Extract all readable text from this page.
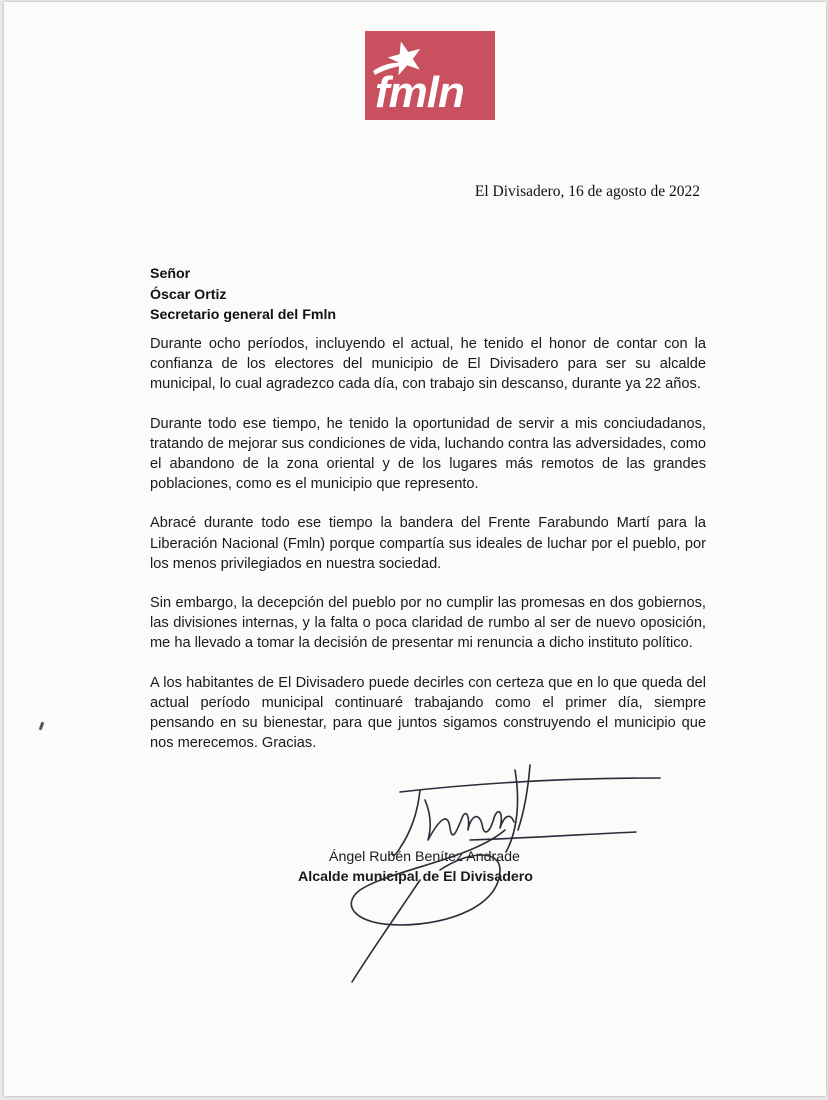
fmln
El Divisadero, 16 de agosto de 2022
Señor
Óscar Ortiz
Secretario general del Fmln

Durante ocho períodos, incluyendo el actual, he tenido el honor de contar con la confianza de los electores del municipio de El Divisadero para ser su alcalde municipal, lo cual agradezco cada día, con trabajo sin descanso, durante ya 22 años.

Durante todo ese tiempo, he tenido la oportunidad de servir a mis conciudadanos, tratando de mejorar sus condiciones de vida, luchando contra las adversidades, como el abandono de la zona oriental y de los lugares más remotos de las grandes poblaciones, como es el municipio que represento.

Abracé durante todo ese tiempo la bandera del Frente Farabundo Martí para la Liberación Nacional (Fmln) porque compartía sus ideales de luchar por el pueblo, por los menos privilegiados en nuestra sociedad.

Sin embargo, la decepción del pueblo por no cumplir las promesas en dos gobiernos, las divisiones internas, y la falta o poca claridad de rumbo al ser de nuevo oposición, me ha llevado a tomar la decisión de presentar mi renuncia a dicho instituto político.

A los habitantes de El Divisadero puede decirles con certeza que en lo que queda del actual período municipal continuaré trabajando como el primer día, siempre pensando en su bienestar, para que juntos sigamos construyendo el municipio que nos merecemos. Gracias.

Ángel Rubén Benítez Andrade
Alcalde municipal de El Divisadero
